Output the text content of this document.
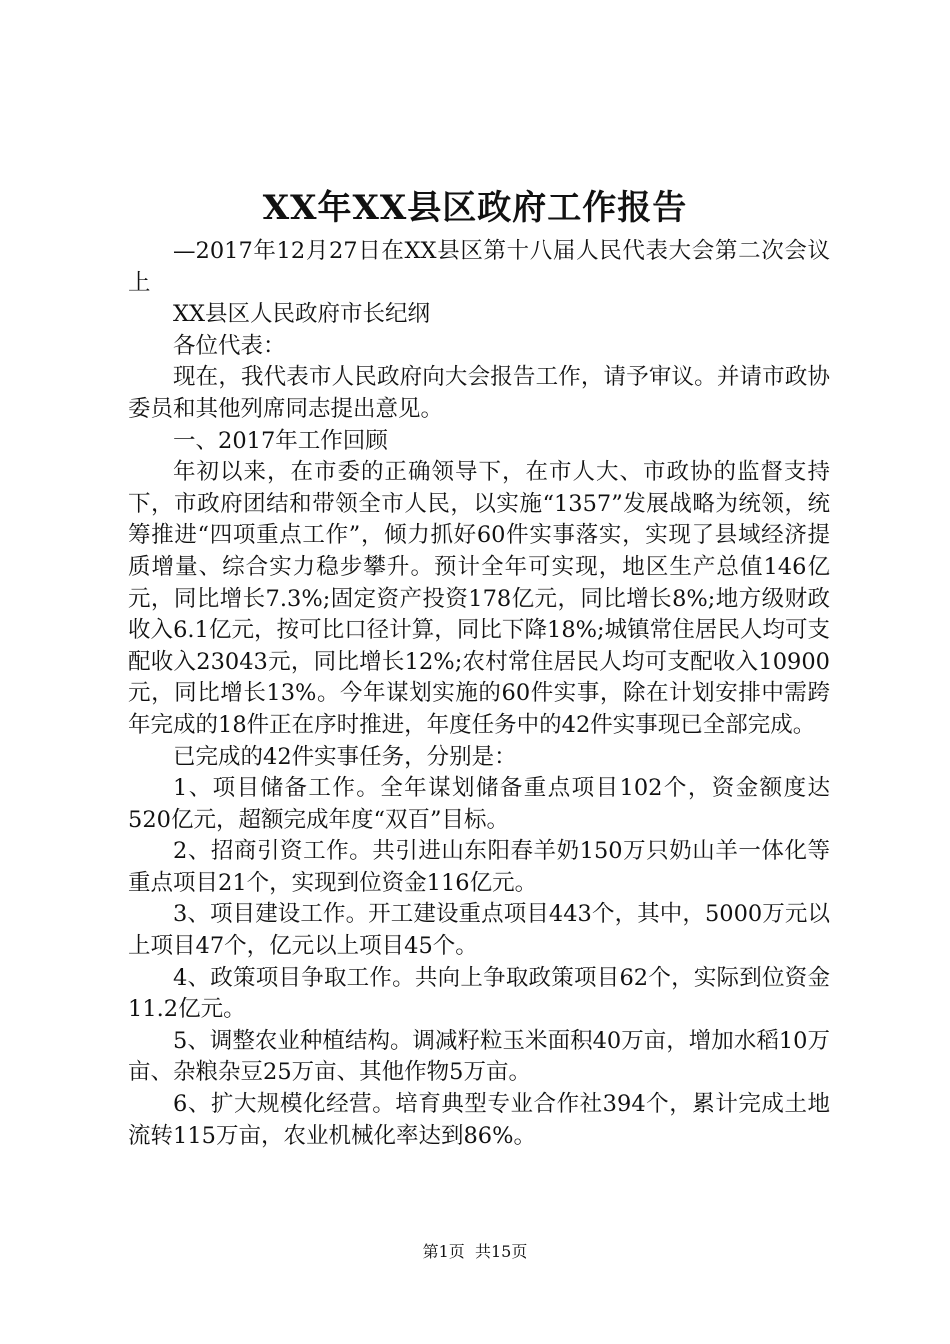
XX年XX县区政府工作报告

—2017年12月27日在XX县区第十八届人民代表大会第二次会议上

XX县区人民政府市长纪纲

各位代表：

现在，我代表市人民政府向大会报告工作，请予审议。并请市政协委员和其他列席同志提出意见。

一、2017年工作回顾

年初以来，在市委的正确领导下，在市人大、市政协的监督支持下，市政府团结和带领全市人民，以实施“1357”发展战略为统领，统筹推进“四项重点工作”，倾力抓好60件实事落实，实现了县域经济提质增量、综合实力稳步攀升。预计全年可实现，地区生产总值146亿元，同比增长7.3%;固定资产投资178亿元，同比增长8%;地方级财政收入6.1亿元，按可比口径计算，同比下降18%;城镇常住居民人均可支配收入23043元，同比增长12%;农村常住居民人均可支配收入10900元，同比增长13%。今年谋划实施的60件实事，除在计划安排中需跨年完成的18件正在序时推进，年度任务中的42件实事现已全部完成。

已完成的42件实事任务，分别是：

1、项目储备工作。全年谋划储备重点项目102个，资金额度达520亿元，超额完成年度“双百”目标。

2、招商引资工作。共引进山东阳春羊奶150万只奶山羊一体化等重点项目21个，实现到位资金116亿元。

3、项目建设工作。开工建设重点项目443个，其中，5000万元以上项目47个，亿元以上项目45个。

4、政策项目争取工作。共向上争取政策项目62个，实际到位资金11.2亿元。

5、调整农业种植结构。调减籽粒玉米面积40万亩，增加水稻10万亩、杂粮杂豆25万亩、其他作物5万亩。

6、扩大规模化经营。培育典型专业合作社394个，累计完成土地流转115万亩，农业机械化率达到86%。

第1页 共15页
